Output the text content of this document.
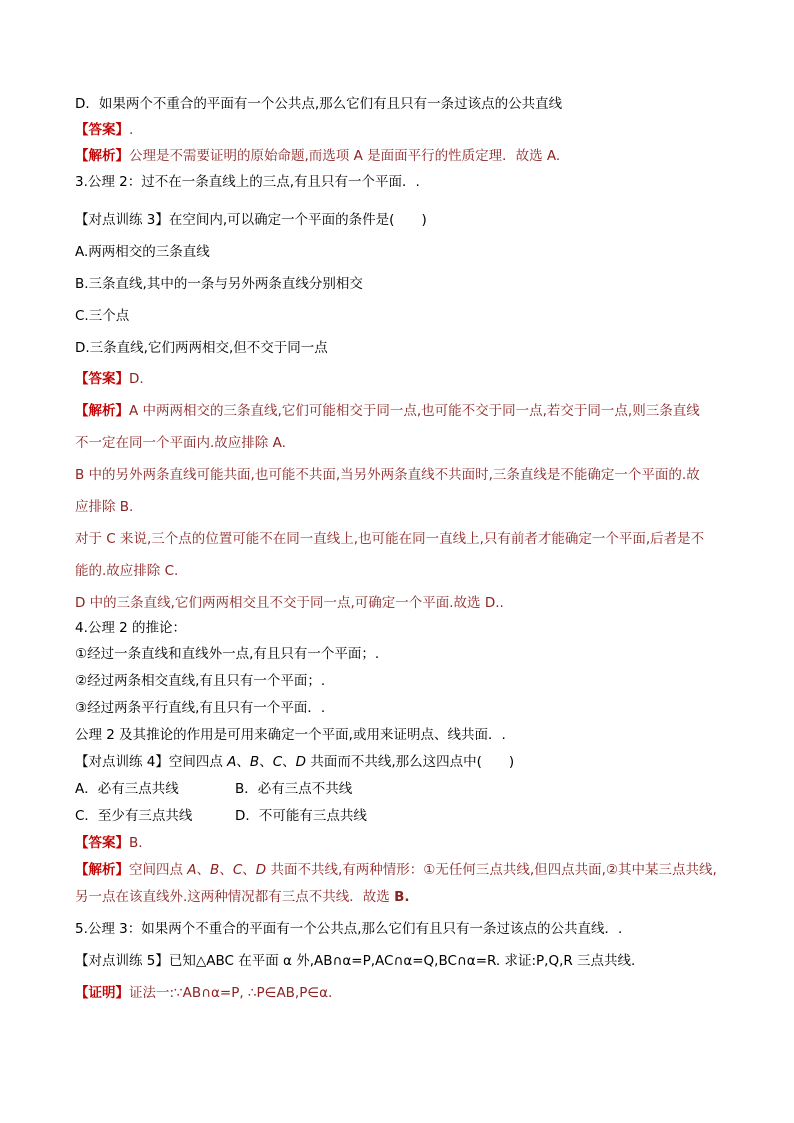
D．如果两个不重合的平面有一个公共点,那么它们有且只有一条过该点的公共直线
【答案】.
【解析】公理是不需要证明的原始命题,而选项 A 是面面平行的性质定理．故选 A.
3.公理 2：过不在一条直线上的三点,有且只有一个平面．.
【对点训练 3】在空间内,可以确定一个平面的条件是(　　)
A.两两相交的三条直线
B.三条直线,其中的一条与另外两条直线分别相交
C.三个点
D.三条直线,它们两两相交,但不交于同一点
【答案】D.
【解析】A 中两两相交的三条直线,它们可能相交于同一点,也可能不交于同一点,若交于同一点,则三条直线
不一定在同一个平面内.故应排除 A.
B 中的另外两条直线可能共面,也可能不共面,当另外两条直线不共面时,三条直线是不能确定一个平面的.故
应排除 B.
对于 C 来说,三个点的位置可能不在同一直线上,也可能在同一直线上,只有前者才能确定一个平面,后者是不
能的.故应排除 C.
D 中的三条直线,它们两两相交且不交于同一点,可确定一个平面.故选 D..
4.公理 2 的推论：
①经过一条直线和直线外一点,有且只有一个平面；.
②经过两条相交直线,有且只有一个平面；.
③经过两条平行直线,有且只有一个平面．.
公理 2 及其推论的作用是可用来确定一个平面,或用来证明点、线共面．.
【对点训练 4】空间四点 A、B、C、D 共面而不共线,那么这四点中(　　)
A．必有三点共线	B．必有三点不共线
C．至少有三点共线	D．不可能有三点共线
【答案】B.
【解析】空间四点 A、B、C、D 共面不共线,有两种情形：①无任何三点共线,但四点共面,②其中某三点共线,
另一点在该直线外.这两种情况都有三点不共线．故选 B.
5.公理 3：如果两个不重合的平面有一个公共点,那么它们有且只有一条过该点的公共直线．.
【对点训练 5】已知△ABC 在平面 α 外,AB∩α=P,AC∩α=Q,BC∩α=R. 求证:P,Q,R 三点共线.
【证明】证法一:∵AB∩α=P, ∴P∈AB,P∈α.
